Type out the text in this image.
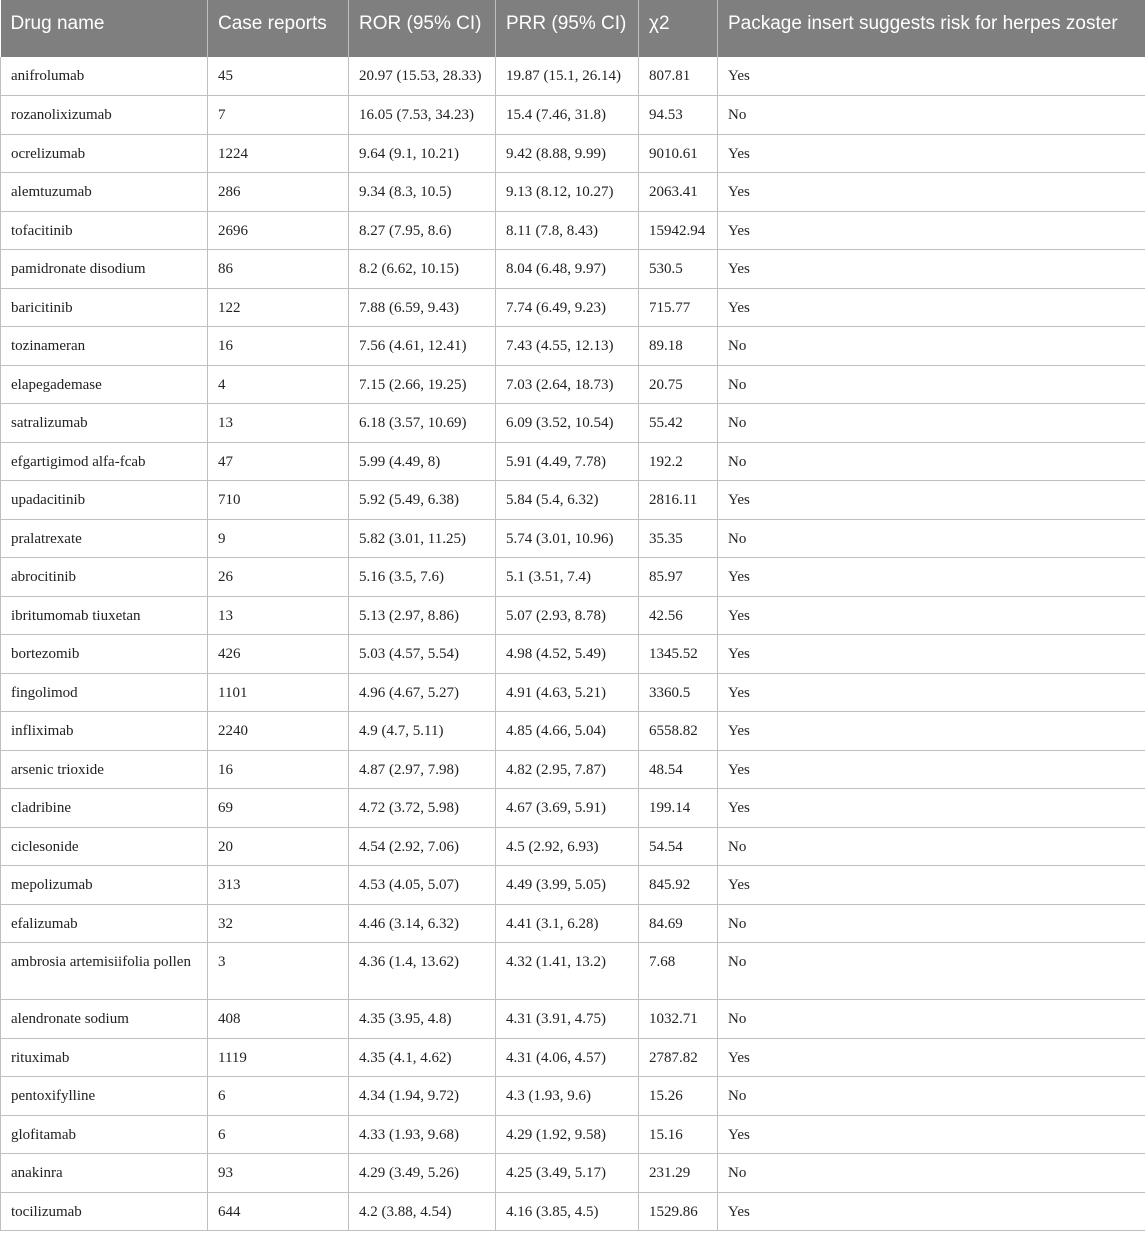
Drug name	Case reports	ROR (95% CI)	PRR (95% CI)	χ2	Package insert suggests risk for herpes zoster
anifrolumab	45	20.97 (15.53, 28.33)	19.87 (15.1, 26.14)	807.81	Yes
rozanolixizumab	7	16.05 (7.53, 34.23)	15.4 (7.46, 31.8)	94.53	No
ocrelizumab	1224	9.64 (9.1, 10.21)	9.42 (8.88, 9.99)	9010.61	Yes
alemtuzumab	286	9.34 (8.3, 10.5)	9.13 (8.12, 10.27)	2063.41	Yes
tofacitinib	2696	8.27 (7.95, 8.6)	8.11 (7.8, 8.43)	15942.94	Yes
pamidronate disodium	86	8.2 (6.62, 10.15)	8.04 (6.48, 9.97)	530.5	Yes
baricitinib	122	7.88 (6.59, 9.43)	7.74 (6.49, 9.23)	715.77	Yes
tozinameran	16	7.56 (4.61, 12.41)	7.43 (4.55, 12.13)	89.18	No
elapegademase	4	7.15 (2.66, 19.25)	7.03 (2.64, 18.73)	20.75	No
satralizumab	13	6.18 (3.57, 10.69)	6.09 (3.52, 10.54)	55.42	No
efgartigimod alfa-fcab	47	5.99 (4.49, 8)	5.91 (4.49, 7.78)	192.2	No
upadacitinib	710	5.92 (5.49, 6.38)	5.84 (5.4, 6.32)	2816.11	Yes
pralatrexate	9	5.82 (3.01, 11.25)	5.74 (3.01, 10.96)	35.35	No
abrocitinib	26	5.16 (3.5, 7.6)	5.1 (3.51, 7.4)	85.97	Yes
ibritumomab tiuxetan	13	5.13 (2.97, 8.86)	5.07 (2.93, 8.78)	42.56	Yes
bortezomib	426	5.03 (4.57, 5.54)	4.98 (4.52, 5.49)	1345.52	Yes
fingolimod	1101	4.96 (4.67, 5.27)	4.91 (4.63, 5.21)	3360.5	Yes
infliximab	2240	4.9 (4.7, 5.11)	4.85 (4.66, 5.04)	6558.82	Yes
arsenic trioxide	16	4.87 (2.97, 7.98)	4.82 (2.95, 7.87)	48.54	Yes
cladribine	69	4.72 (3.72, 5.98)	4.67 (3.69, 5.91)	199.14	Yes
ciclesonide	20	4.54 (2.92, 7.06)	4.5 (2.92, 6.93)	54.54	No
mepolizumab	313	4.53 (4.05, 5.07)	4.49 (3.99, 5.05)	845.92	Yes
efalizumab	32	4.46 (3.14, 6.32)	4.41 (3.1, 6.28)	84.69	No
ambrosia artemisiifolia pollen	3	4.36 (1.4, 13.62)	4.32 (1.41, 13.2)	7.68	No
alendronate sodium	408	4.35 (3.95, 4.8)	4.31 (3.91, 4.75)	1032.71	No
rituximab	1119	4.35 (4.1, 4.62)	4.31 (4.06, 4.57)	2787.82	Yes
pentoxifylline	6	4.34 (1.94, 9.72)	4.3 (1.93, 9.6)	15.26	No
glofitamab	6	4.33 (1.93, 9.68)	4.29 (1.92, 9.58)	15.16	Yes
anakinra	93	4.29 (3.49, 5.26)	4.25 (3.49, 5.17)	231.29	No
tocilizumab	644	4.2 (3.88, 4.54)	4.16 (3.85, 4.5)	1529.86	Yes
